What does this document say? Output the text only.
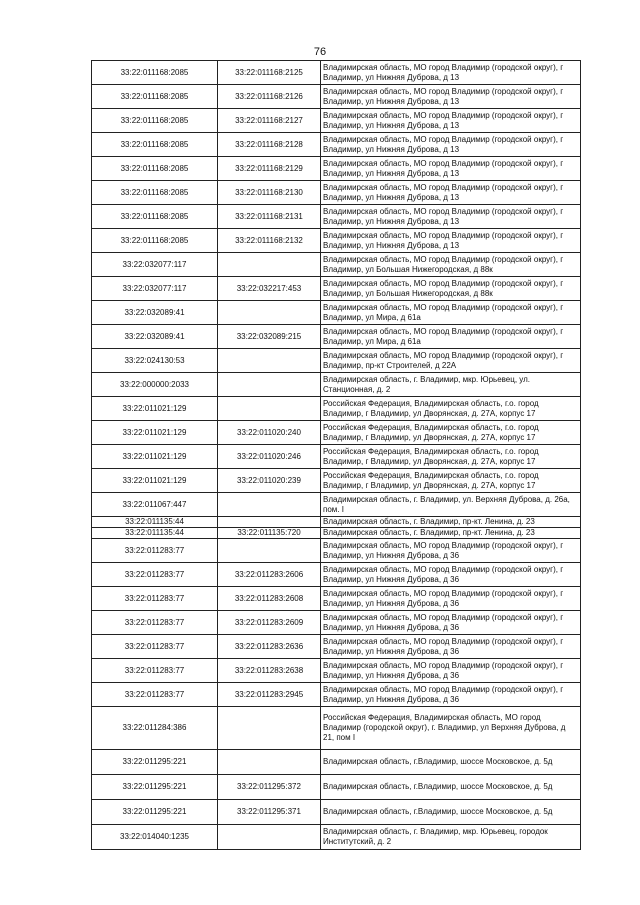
76
33:22:011168:2085	33:22:011168:2125	Владимирская область, МО город Владимир (городской округ), г Владимир, ул Нижняя Дуброва, д 13
33:22:011168:2085	33:22:011168:2126	Владимирская область, МО город Владимир (городской округ), г Владимир, ул Нижняя Дуброва, д 13
33:22:011168:2085	33:22:011168:2127	Владимирская область, МО город Владимир (городской округ), г Владимир, ул Нижняя Дуброва, д 13
33:22:011168:2085	33:22:011168:2128	Владимирская область, МО город Владимир (городской округ), г Владимир, ул Нижняя Дуброва, д 13
33:22:011168:2085	33:22:011168:2129	Владимирская область, МО город Владимир (городской округ), г Владимир, ул Нижняя Дуброва, д 13
33:22:011168:2085	33:22:011168:2130	Владимирская область, МО город Владимир (городской округ), г Владимир, ул Нижняя Дуброва, д 13
33:22:011168:2085	33:22:011168:2131	Владимирская область, МО город Владимир (городской округ), г Владимир, ул Нижняя Дуброва, д 13
33:22:011168:2085	33:22:011168:2132	Владимирская область, МО город Владимир (городской округ), г Владимир, ул Нижняя Дуброва, д 13
33:22:032077:117		Владимирская область, МО город Владимир (городской округ), г Владимир, ул Большая Нижегородская, д 88к
33:22:032077:117	33:22:032217:453	Владимирская область, МО город Владимир (городской округ), г Владимир, ул Большая Нижегородская, д 88к
33:22:032089:41		Владимирская область, МО город Владимир (городской округ), г Владимир, ул Мира, д 61а
33:22:032089:41	33:22:032089:215	Владимирская область, МО город Владимир (городской округ), г Владимир, ул Мира, д 61а
33:22:024130:53		Владимирская область, МО город Владимир (городской округ), г Владимир, пр-кт Строителей, д 22А
33:22:000000:2033		Владимирская область, г. Владимир, мкр. Юрьевец, ул. Станционная, д. 2
33:22:011021:129		Российская Федерация, Владимирская область, г.о. город Владимир, г Владимир, ул Дворянская, д. 27А, корпус 17
33:22:011021:129	33:22:011020:240	Российская Федерация, Владимирская область, г.о. город Владимир, г Владимир, ул Дворянская, д. 27А, корпус 17
33:22:011021:129	33:22:011020:246	Российская Федерация, Владимирская область, г.о. город Владимир, г Владимир, ул Дворянская, д. 27А, корпус 17
33:22:011021:129	33:22:011020:239	Российская Федерация, Владимирская область, г.о. город Владимир, г Владимир, ул Дворянская, д. 27А, корпус 17
33:22:011067:447		Владимирская область, г. Владимир, ул. Верхняя Дуброва, д. 26а, пом. I
33:22:011135:44		Владимирская область, г. Владимир, пр-кт. Ленина, д. 23
33:22:011135:44	33:22:011135:720	Владимирская область, г. Владимир, пр-кт. Ленина, д. 23
33:22:011283:77		Владимирская область, МО город Владимир (городской округ), г Владимир, ул Нижняя Дуброва, д 36
33:22:011283:77	33:22:011283:2606	Владимирская область, МО город Владимир (городской округ), г Владимир, ул Нижняя Дуброва, д 36
33:22:011283:77	33:22:011283:2608	Владимирская область, МО город Владимир (городской округ), г Владимир, ул Нижняя Дуброва, д 36
33:22:011283:77	33:22:011283:2609	Владимирская область, МО город Владимир (городской округ), г Владимир, ул Нижняя Дуброва, д 36
33:22:011283:77	33:22:011283:2636	Владимирская область, МО город Владимир (городской округ), г Владимир, ул Нижняя Дуброва, д 36
33:22:011283:77	33:22:011283:2638	Владимирская область, МО город Владимир (городской округ), г Владимир, ул Нижняя Дуброва, д 36
33:22:011283:77	33:22:011283:2945	Владимирская область, МО город Владимир (городской округ), г Владимир, ул Нижняя Дуброва, д 36
33:22:011284:386		Российская Федерация, Владимирская область, МО город Владимир (городской округ), г. Владимир, ул Верхняя Дуброва, д 21, пом I
33:22:011295:221		Владимирская область, г.Владимир, шоссе Московское, д. 5д
33:22:011295:221	33:22:011295:372	Владимирская область, г.Владимир, шоссе Московское, д. 5д
33:22:011295:221	33:22:011295:371	Владимирская область, г.Владимир, шоссе Московское, д. 5д
33:22:014040:1235		Владимирская область, г. Владимир, мкр. Юрьевец, городок Институтский, д. 2
